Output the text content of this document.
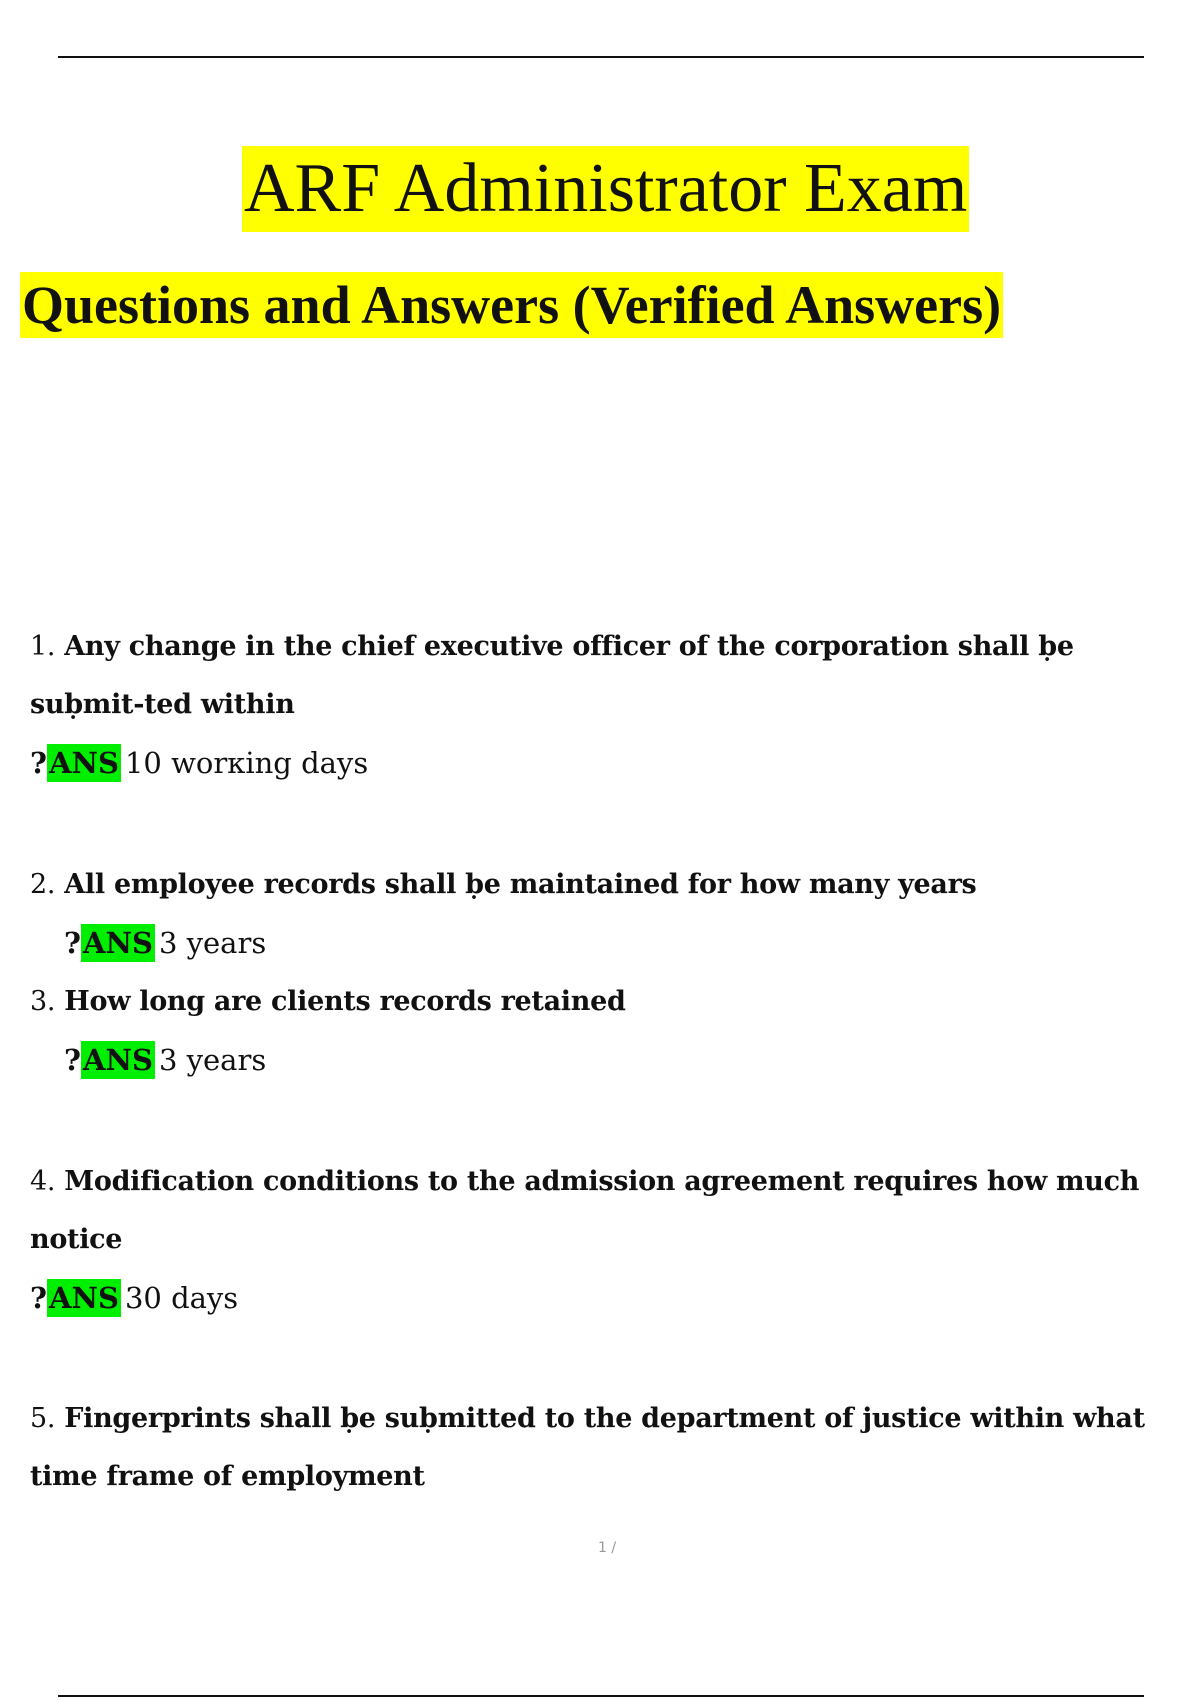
ARF Administrator Exam
Questions and Answers (Verified Answers)
1. Any change in the chief executive officer of the corporation shall ḅe suḅmit-ted within
?ANS 10 worкing days
2. All employee records shall ḅe maintained for how many years
?ANS 3 years
3. How long are clients records retained
?ANS 3 years
4. Modification conditions to the admission agreement requires how much notice
?ANS 30 days
5. Fingerprints shall ḅe suḅmitted to the department of justice within what time frame of employment
1 /
